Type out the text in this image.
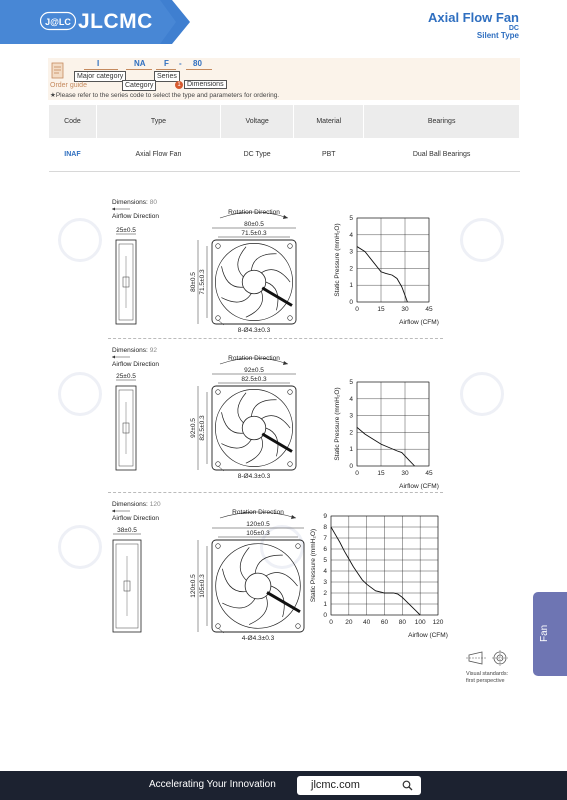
J@LC JLCMC	Axial Flow Fan
DC
Silent Type
I	NA F - 80
Major category	Series
Category	1 Dimensions
Order guide
★Please refer to the series code to select the type and parameters for ordering.
Code	Type	Voltage	Material	Bearings
INAF	Axial Flow Fan	DC Type	PBT	Dual Ball Bearings
Dimensions: 80
Airflow Direction
25±0.5
Rotation Direction
80±0.5
71.5±0.3
80±0.5 71.5±0.3
8-Ø4.3±0.3
0
1
2
3
4
5
0	15	30	45
Static Pressure (mmH₂O)
Airflow (CFM)
Dimensions: 92
Airflow Direction
25±0.5
Rotation Direction
92±0.5
82.5±0.3
92±0.5 82.5±0.3
8-Ø4.3±0.3
0
1
2
3
4
5
0	15	30	45
Static Pressure (mmH₂O)
Airflow (CFM)
Dimensions: 120
Airflow Direction
38±0.5
Rotation Direction
120±0.5
105±0.3
120±0.5 105±0.3
4-Ø4.3±0.3
0
1
2
3
4
5
6
7
8
9
0 20 40 60 80 100 120
Static Pressure (mmH₂O)
Airflow (CFM)	Fan
Visual standards:
first perspective
Accelerating Your Innovation	jlcmc.com
